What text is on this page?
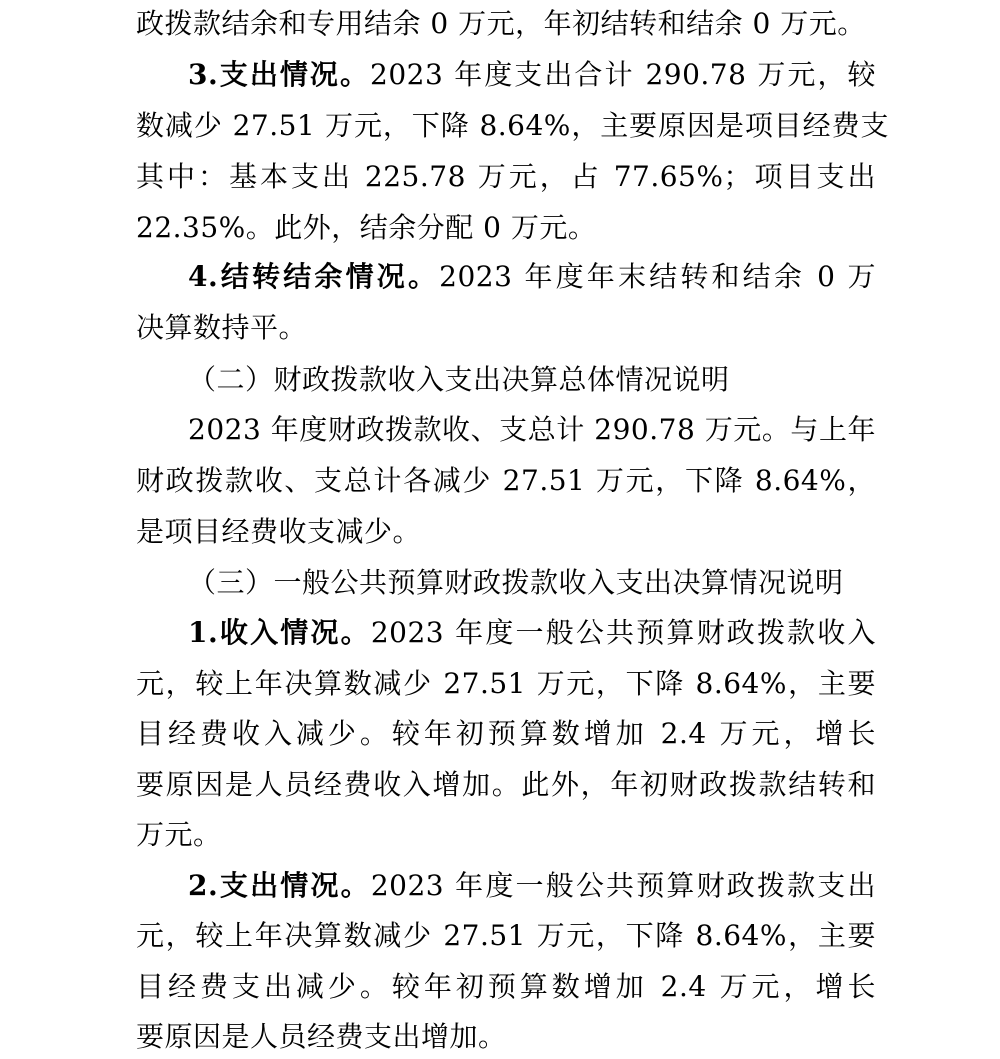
政拨款结余和专用结余 0 万元，年初结转和结余 0 万元。
3.支出情况。2023 年度支出合计 290.78 万元，较
数减少 27.51 万元，下降 8.64%，主要原因是项目经费支
其中：基本支出 225.78 万元，占 77.65%；项目支出
22.35%。此外，结余分配 0 万元。
4.结转结余情况。2023 年度年末结转和结余 0 万
决算数持平。
（二）财政拨款收入支出决算总体情况说明
2023 年度财政拨款收、支总计 290.78 万元。与上年
财政拨款收、支总计各减少 27.51 万元，下降 8.64%，
是项目经费收支减少。
（三）一般公共预算财政拨款收入支出决算情况说明
1.收入情况。2023 年度一般公共预算财政拨款收入
元，较上年决算数减少 27.51 万元，下降 8.64%，主要
目经费收入减少。较年初预算数增加 2.4 万元，增长
要原因是人员经费收入增加。此外，年初财政拨款结转和
万元。
2.支出情况。2023 年度一般公共预算财政拨款支出
元，较上年决算数减少 27.51 万元，下降 8.64%，主要
目经费支出减少。较年初预算数增加 2.4 万元，增长
要原因是人员经费支出增加。
